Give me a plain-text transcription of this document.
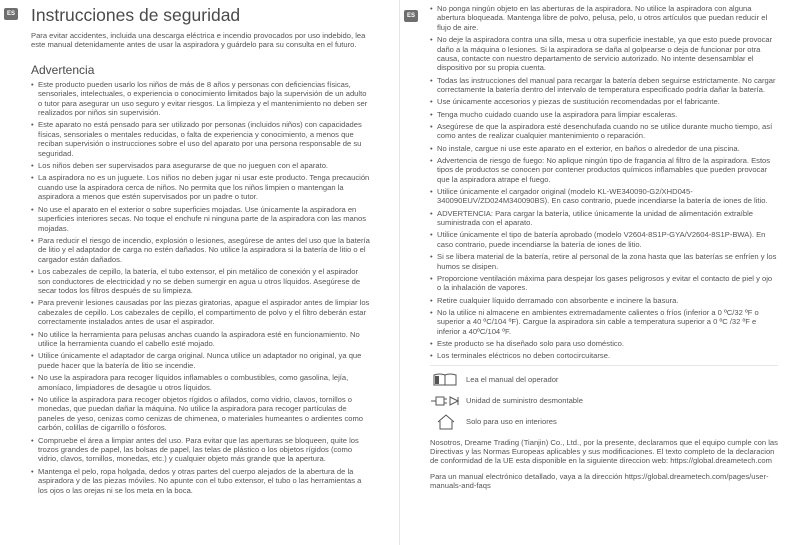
ES	ES
Instrucciones de seguridad

Para evitar accidentes, incluida una descarga eléctrica e incendio provocados por uso indebido, lea este manual detenidamente antes de usar la aspiradora y guárdelo para su consulta en el futuro.

Advertencia
• Este producto pueden usarlo los niños de más de 8 años y personas con deficiencias físicas, sensoriales, intelectuales, o experiencia o conocimiento limitados bajo la supervisión de un adulto o tutor para asegurar un uso seguro y evitar riesgos. La limpieza y el mantenimiento no deben ser realizados por niños sin supervisión.
• Este aparato no está pensado para ser utilizado por personas (incluidos niños) con capacidades físicas, sensoriales o mentales reducidas, o falta de experiencia y conocimiento, a menos que reciban supervisión o instrucciones sobre el uso del aparato por una persona responsable de su seguridad.
• Los niños deben ser supervisados para asegurarse de que no jueguen con el aparato.
• La aspiradora no es un juguete. Los niños no deben jugar ni usar este producto. Tenga precaución cuando use la aspiradora cerca de niños. No permita que los niños limpien o mantengan la aspiradora a menos que estén supervisados por un padre o tutor.
• No use el aparato en el exterior o sobre superficies mojadas. Use únicamente la aspiradora en superficies interiores secas. No toque el enchufe ni ninguna parte de la aspiradora con las manos mojadas.
• Para reducir el riesgo de incendio, explosión o lesiones, asegúrese de antes del uso que la batería de litio y el adaptador de carga no estén dañados. No utilice la aspiradora si la batería de litio o el cargador están dañados.
• Los cabezales de cepillo, la batería, el tubo extensor, el pin metálico de conexión y el aspirador son conductores de electricidad y no se deben sumergir en agua u otros líquidos. Asegúrese de secar todos los filtros después de su limpieza.
• Para prevenir lesiones causadas por las piezas giratorias, apague el aspirador antes de limpiar los cabezales de cepillo. Los cabezales de cepillo, el compartimento de polvo y el filtro deberán estar correctamente instalados antes de usar el aspirador.
• No utilice la herramienta para pelusas anchas cuando la aspiradora esté en funcionamiento. No utilice la herramienta cuando el cabello esté mojado.
• Utilice únicamente el adaptador de carga original. Nunca utilice un adaptador no original, ya que puede hacer que la batería de litio se incendie.
• No use la aspiradora para recoger líquidos inflamables o combustibles, como gasolina, lejía, amoníaco, limpiadores de desagüe u otros líquidos.
• No utilice la aspiradora para recoger objetos rígidos o afilados, como vidrio, clavos, tornillos o monedas, que puedan dañar la máquina. No utilice la aspiradora para recoger partículas de paneles de yeso, cenizas como cenizas de chimenea, o materiales humeantes o ardientes como carbón, colillas de cigarrillo o fósforos.
• Compruebe el área a limpiar antes del uso. Para evitar que las aperturas se bloqueen, quite los trozos grandes de papel, las bolsas de papel, las telas de plástico o los objetos rígidos (como vidrio, clavos, tornillos, monedas, etc.) y cualquier objeto más grande que la apertura.
• Mantenga el pelo, ropa holgada, dedos y otras partes del cuerpo alejados de la abertura de la aspiradora y de las piezas móviles. No apunte con el tubo extensor, el tubo o las herramientas a los ojos o las orejas ni se los meta en la boca.
• No ponga ningún objeto en las aberturas de la aspiradora. No utilice la aspiradora con alguna abertura bloqueada. Mantenga libre de polvo, pelusa, pelo, u otros artículos que puedan reducir el flujo de aire.
• No deje la aspiradora contra una silla, mesa u otra superficie inestable, ya que esto puede provocar daño a la máquina o lesiones. Si la aspiradora se daña al golpearse o deja de funcionar por otra causa, contacte con nuestro departamento de servicio autorizado. No intente desensamblar el dispositivo por su propia cuenta.
• Todas las instrucciones del manual para recargar la batería deben seguirse estrictamente. No cargar correctamente la batería dentro del intervalo de temperatura especificado podría dañar la batería.
• Use únicamente accesorios y piezas de sustitución recomendadas por el fabricante.
• Tenga mucho cuidado cuando use la aspiradora para limpiar escaleras.
• Asegúrese de que la aspiradora esté desenchufada cuando no se utilice durante mucho tiempo, así como antes de realizar cualquier mantenimiento o reparación.
• No instale, cargue ni use este aparato en el exterior, en baños o alrededor de una piscina.
• Advertencia de riesgo de fuego: No aplique ningún tipo de fragancia al filtro de la aspiradora. Estos tipos de productos se conocen por contener productos químicos inflamables que pueden provocar que la aspiradora atrape el fuego.
• Utilice únicamente el cargador original (modelo KL-WE340090-G2/XHD045-340090EUV/ZD024M340090BS). En caso contrario, puede incendiarse la batería de iones de litio.
• ADVERTENCIA: Para cargar la batería, utilice únicamente la unidad de alimentación extraíble suministrada con el aparato.
• Utilice únicamente el tipo de batería aprobado (modelo V2604-8S1P-GYA/V2604-8S1P-BWA). En caso contrario, puede incendiarse la batería de iones de litio.
• Si se libera material de la batería, retire al personal de la zona hasta que las baterías se enfríen y los humos se disipen.
• Proporcione ventilación máxima para despejar los gases peligrosos y evitar el contacto de piel y ojo o la inhalación de vapores.
• Retire cualquier líquido derramado con absorbente e incinere la basura.
• No la utilice ni almacene en ambientes extremadamente calientes o fríos (inferior a 0 ºC/32 ºF o superior a 40 ºC/104 ºF). Cargue la aspiradora sin cable a temperatura superior a 0 ºC /32 ºF e inferior a 40ºC/104 ºF.
• Este producto se ha diseñado solo para uso doméstico.
• Los terminales eléctricos no deben cortocircuitarse.
Lea el manual del operador
Unidad de suministro desmontable
Solo para uso en interiores

Nosotros, Dreame Trading (Tianjin) Co., Ltd., por la presente, declaramos que el equipo cumple con las Directivas y las Normas Europeas aplicables y sus modificaciones. El texto completo de la declaracion de conformidad de la UE esta disponible en la siguiente direccion web: https://global.dreametech.com

Para un manual electrónico detallado, vaya a la dirección https://global.dreametech.com/pages/user-manuals-and-faqs
